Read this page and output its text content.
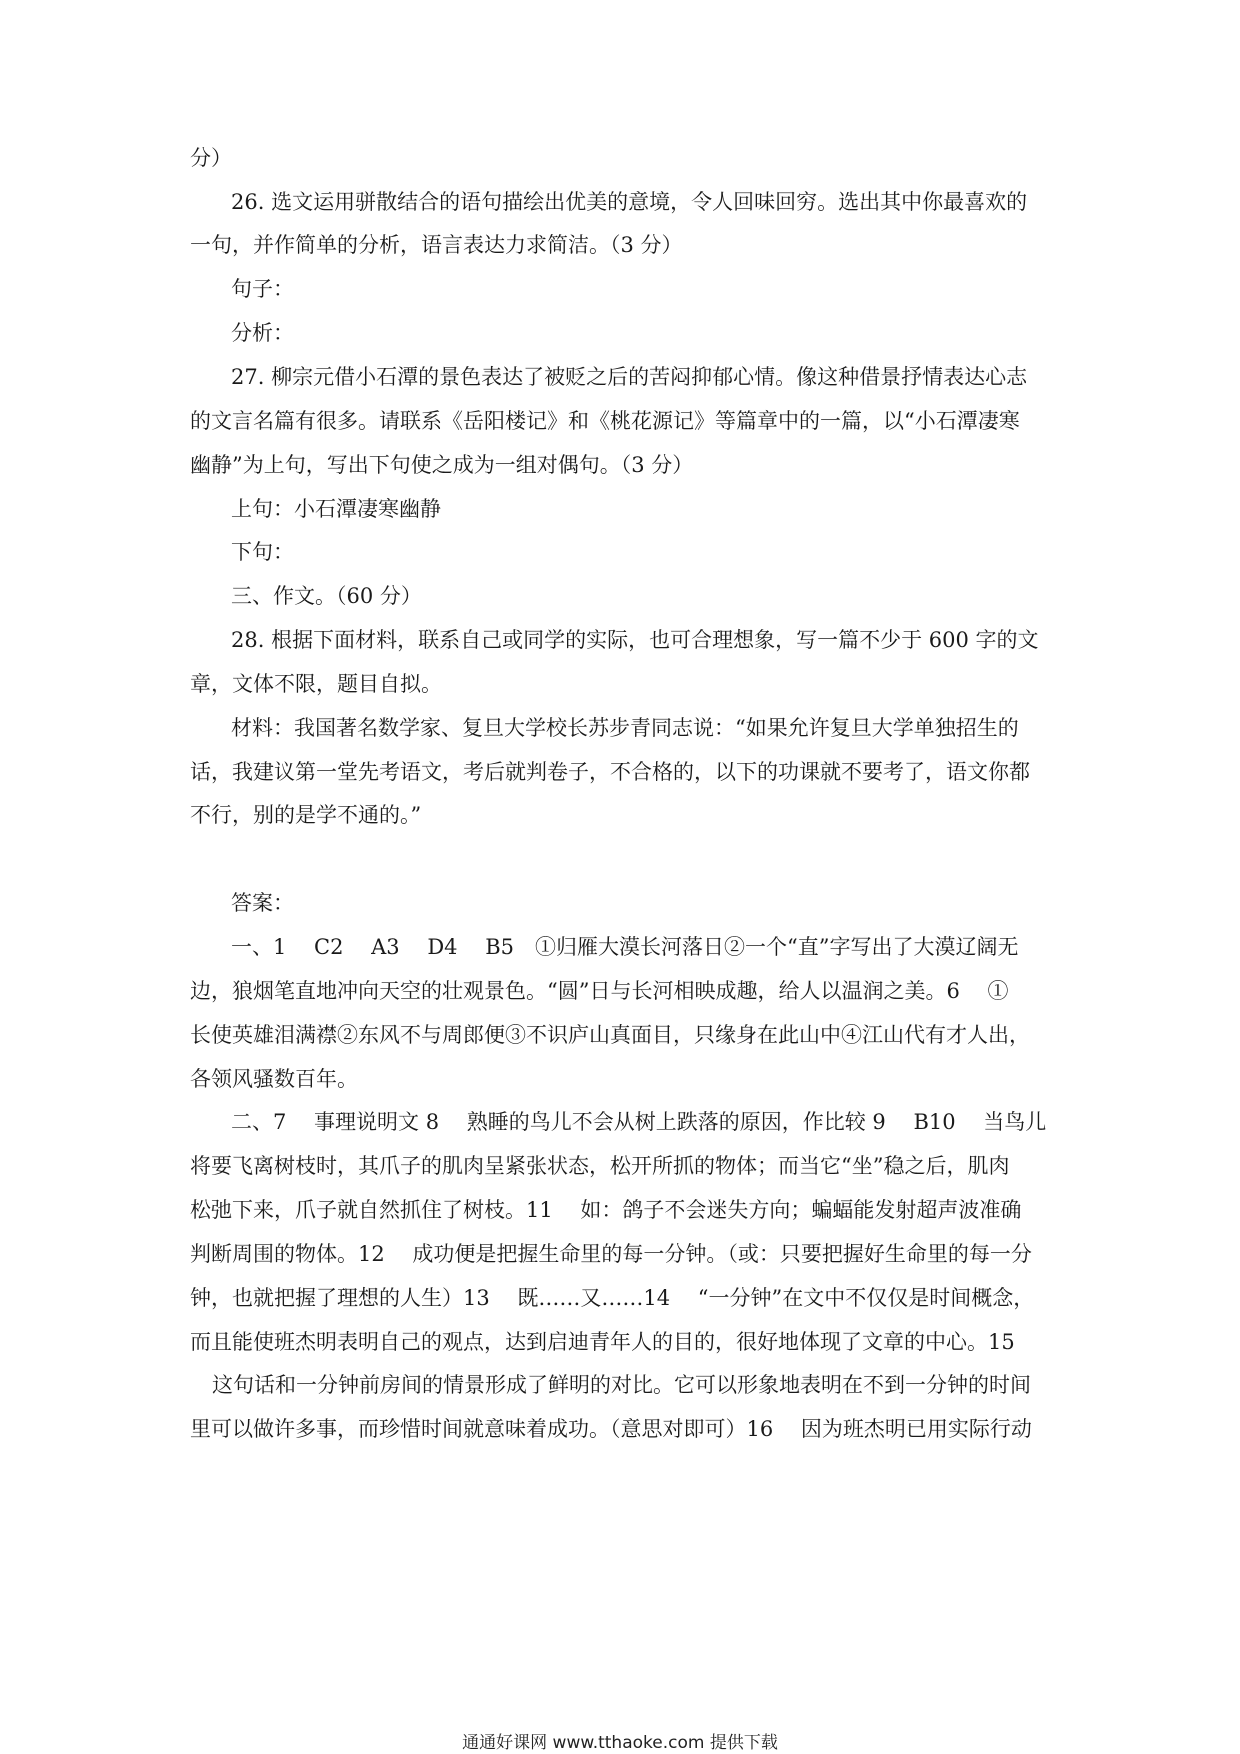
分）
26. 选文运用骈散结合的语句描绘出优美的意境，令人回味回穷。选出其中你最喜欢的
一句，并作简单的分析，语言表达力求简洁。（3 分）
句子：
分析：
27. 柳宗元借小石潭的景色表达了被贬之后的苦闷抑郁心情。像这种借景抒情表达心志
的文言名篇有很多。请联系《岳阳楼记》和《桃花源记》等篇章中的一篇，以“小石潭凄寒
幽静”为上句，写出下句使之成为一组对偶句。（3 分）
上句：小石潭凄寒幽静
下句：
三、作文。（60 分）
28. 根据下面材料，联系自己或同学的实际，也可合理想象，写一篇不少于 600 字的文
章，文体不限，题目自拟。
材料：我国著名数学家、复旦大学校长苏步青同志说：“如果允许复旦大学单独招生的
话，我建议第一堂先考语文，考后就判卷子，不合格的，以下的功课就不要考了，语文你都
不行，别的是学不通的。”
答案：
一、1　 C2　 A3　 D4　 B5　①归雁大漠长河落日②一个“直”字写出了大漠辽阔无
边，狼烟笔直地冲向天空的壮观景色。“圆”日与长河相映成趣，给人以温润之美。6　 ①
长使英雄泪满襟②东风不与周郎便③不识庐山真面目，只缘身在此山中④江山代有才人出，
各领风骚数百年。
二、7　 事理说明文 8　 熟睡的鸟儿不会从树上跌落的原因，作比较 9　 B10　 当鸟儿
将要飞离树枝时，其爪子的肌肉呈紧张状态，松开所抓的物体；而当它“坐”稳之后，肌肉
松弛下来，爪子就自然抓住了树枝。11　 如：鸽子不会迷失方向；蝙蝠能发射超声波准确
判断周围的物体。12　 成功便是把握生命里的每一分钟。（或：只要把握好生命里的每一分
钟，也就把握了理想的人生）13　 既……又……14　 “一分钟”在文中不仅仅是时间概念，
而且能使班杰明表明自己的观点，达到启迪青年人的目的，很好地体现了文章的中心。15
这句话和一分钟前房间的情景形成了鲜明的对比。它可以形象地表明在不到一分钟的时间
里可以做许多事，而珍惜时间就意味着成功。（意思对即可）16　 因为班杰明已用实际行动
通通好课网 www.tthaoke.com 提供下载
